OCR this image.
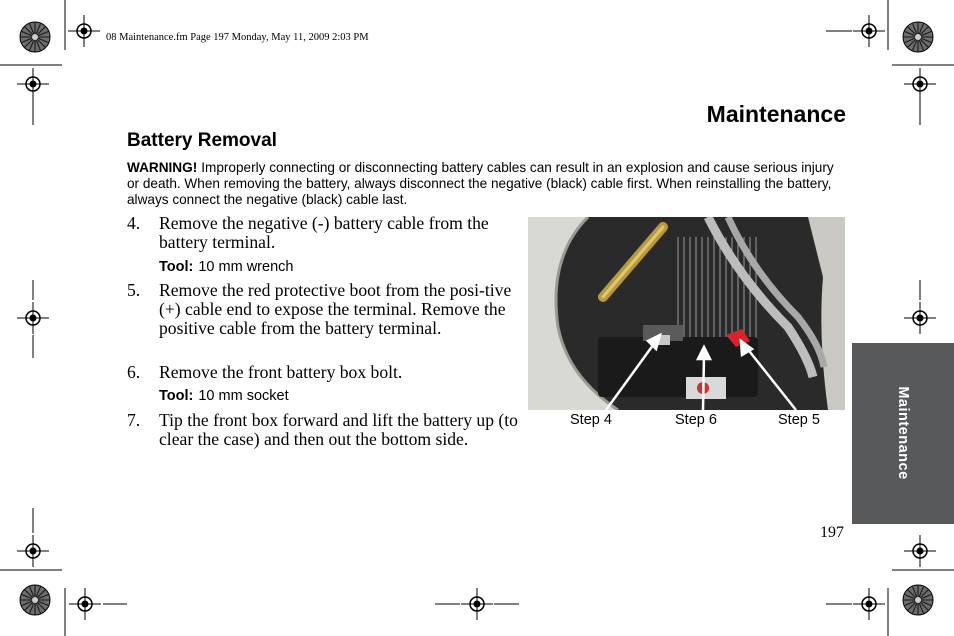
08 Maintenance.fm Page 197 Monday, May 11, 2009 2:03 PM
Maintenance
Battery Removal
WARNING! Improperly connecting or disconnecting battery cables can result in an explosion and cause serious injury or death. When removing the battery, always disconnect the negative (black) cable first. When reinstalling the battery, always connect the negative (black) cable last.
4. Remove the negative (-) battery cable from the battery terminal.
Tool: 10 mm wrench
5. Remove the red protective boot from the posi-tive (+) cable end to expose the terminal. Remove the positive cable from the battery terminal.
6. Remove the front battery box bolt.
Tool: 10 mm socket
7. Tip the front box forward and lift the battery up (to clear the case) and then out the bottom side.
Step 4	Step 6	Step 5	Maintenance
197
